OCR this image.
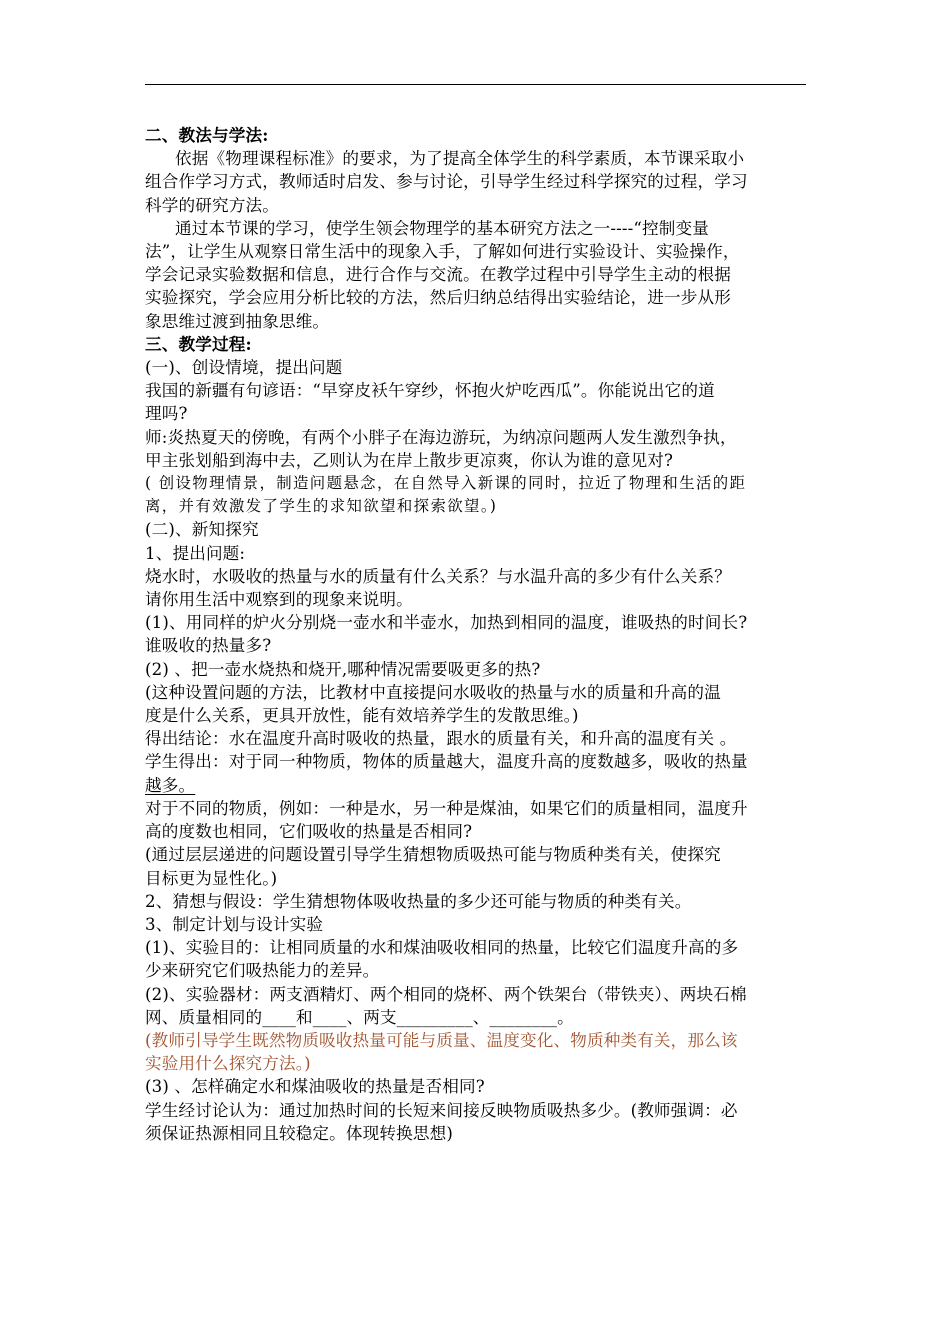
二、教法与学法:
依据《物理课程标准》的要求，为了提高全体学生的科学素质，本节课采取小
组合作学习方式，教师适时启发、参与讨论，引导学生经过科学探究的过程，学习
科学的研究方法。
通过本节课的学习，使学生领会物理学的基本研究方法之一----“控制变量
法”，让学生从观察日常生活中的现象入手，了解如何进行实验设计、实验操作，
学会记录实验数据和信息，进行合作与交流。在教学过程中引导学生主动的根据
实验探究，学会应用分析比较的方法，然后归纳总结得出实验结论，进一步从形
象思维过渡到抽象思维。
三、教学过程:
(一)、创设情境，提出问题
我国的新疆有句谚语：“早穿皮袄午穿纱，怀抱火炉吃西瓜”。你能说出它的道
理吗?
师:炎热夏天的傍晚，有两个小胖子在海边游玩，为纳凉问题两人发生激烈争执，
甲主张划船到海中去，乙则认为在岸上散步更凉爽，你认为谁的意见对?
( 创设物理情景，制造问题悬念，在自然导入新课的同时，拉近了物理和生活的距
离，并有效激发了学生的求知欲望和探索欲望。)
(二)、新知探究
1、提出问题:
烧水时，水吸收的热量与水的质量有什么关系？与水温升高的多少有什么关系？
请你用生活中观察到的现象来说明。
(1)、用同样的炉火分别烧一壶水和半壶水，加热到相同的温度，谁吸热的时间长?
谁吸收的热量多?
(2) 、把一壶水烧热和烧开,哪种情况需要吸更多的热?
(这种设置问题的方法，比教材中直接提问水吸收的热量与水的质量和升高的温
度是什么关系，更具开放性，能有效培养学生的发散思维。)
得出结论：水在温度升高时吸收的热量，跟水的质量有关，和升高的温度有关 。
学生得出：对于同一种物质，物体的质量越大，温度升高的度数越多，吸收的热量
越多。
对于不同的物质，例如：一种是水，另一种是煤油，如果它们的质量相同，温度升
高的度数也相同，它们吸收的热量是否相同?
(通过层层递进的问题设置引导学生猜想物质吸热可能与物质种类有关，使探究
目标更为显性化。)
2、猜想与假设：学生猜想物体吸收热量的多少还可能与物质的种类有关。
3、制定计划与设计实验
(1)、实验目的：让相同质量的水和煤油吸收相同的热量，比较它们温度升高的多
少来研究它们吸热能力的差异。
(2)、实验器材：两支酒精灯、两个相同的烧杯、两个铁架台（带铁夹）、两块石棉
网、质量相同的____和____、两支_________、________。
(教师引导学生既然物质吸收热量可能与质量、温度变化、物质种类有关，那么该
实验用什么探究方法。)
(3) 、怎样确定水和煤油吸收的热量是否相同?
学生经讨论认为：通过加热时间的长短来间接反映物质吸热多少。(教师强调：必
须保证热源相同且较稳定。体现转换思想)
